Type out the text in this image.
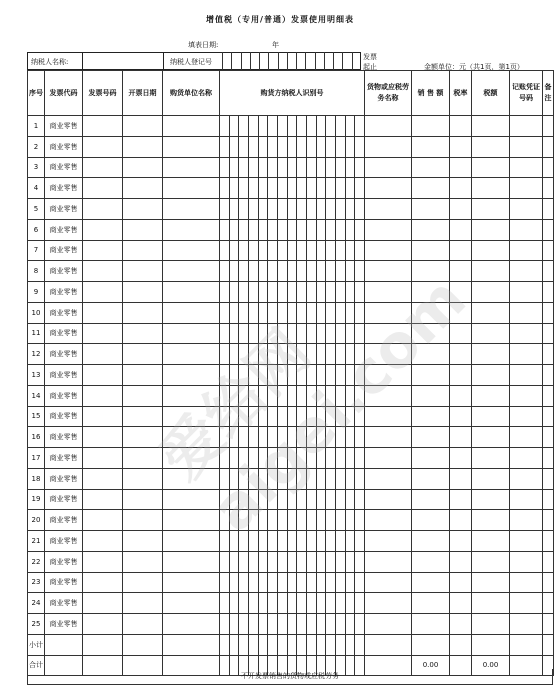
增值税（专用/普通）发票使用明细表
填表日期:	年
纳税人名称:	纳税人登记号
发票
起止	金额单位：元（共1页，第1页）
序号	发票代码	发票号码	开票日期	购货单位名称	购货方纳税人识别号	货物或应税劳务名称	销 售 额	税率	税额	记账凭证号码	备注
1	商业零售				

2	商业零售				

3	商业零售				

4	商业零售				

5	商业零售				

6	商业零售				

7	商业零售				

8	商业零售				

9	商业零售				

10	商业零售				

11	商业零售				

12	商业零售				

13	商业零售				

14	商业零售				

15	商业零售				

16	商业零售				

17	商业零售				

18	商业零售				

19	商业零售				

20	商业零售				

21	商业零售				

22	商业零售				

23	商业零售				

24	商业零售				

25	商业零售				

小计					

合计							0.00		0.00		
不开发票销售的货物或应税劳务
爱给网 aigei.com
